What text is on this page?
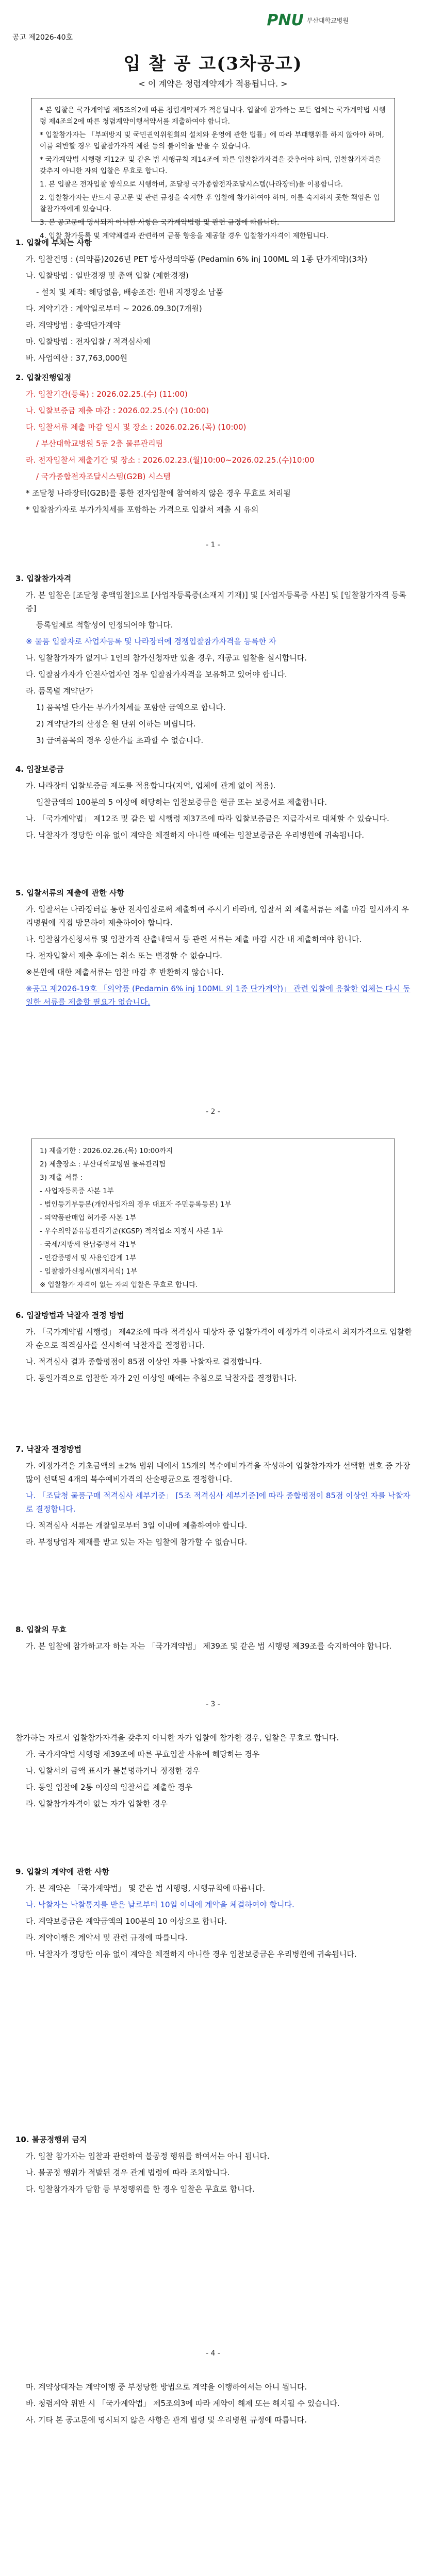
PNU 부산대학교병원
공고 제2026-40호
입 찰 공 고(3차공고)
< 이 계약은 청렴계약제가 적용됩니다. >

* 본 입찰은 국가계약법 제5조의2에 따른 청렴계약제가 적용됩니다. 입찰에 참가하는 모든 업체는 국가계약법 시행령 제4조의2에 따른 청렴계약이행서약서를 제출하여야 합니다.

* 입찰참가자는 「부패방지 및 국민권익위원회의 설치와 운영에 관한 법률」에 따라 부패행위를 하지 않아야 하며, 이를 위반할 경우 입찰참가자격 제한 등의 불이익을 받을 수 있습니다.

* 국가계약법 시행령 제12조 및 같은 법 시행규칙 제14조에 따른 입찰참가자격을 갖추어야 하며, 입찰참가자격을 갖추지 아니한 자의 입찰은 무효로 합니다.

1. 본 입찰은 전자입찰 방식으로 시행하며, 조달청 국가종합전자조달시스템(나라장터)을 이용합니다.

2. 입찰참가자는 반드시 공고문 및 관련 규정을 숙지한 후 입찰에 참가하여야 하며, 이를 숙지하지 못한 책임은 입찰참가자에게 있습니다.

3. 본 공고문에 명시되지 아니한 사항은 국가계약법령 및 관련 규정에 따릅니다.

4. 입찰 참가등록 및 계약체결과 관련하여 금품 향응을 제공할 경우 입찰참가자격이 제한됩니다.

1. 입찰에 부치는 사항

가. 입찰건명 : (의약품)2026년 PET 방사성의약품 (Pedamin 6% inj 100ML 외 1종 단가계약)(3차)

나. 입찰방법 : 일반경쟁 및 총액 입찰 (제한경쟁)

- 설치 및 제작: 해당없음, 배송조건: 원내 지정장소 납품

다. 계약기간 : 계약일로부터 ~ 2026.09.30(7개월)

라. 계약방법 : 총액단가계약

마. 입찰방법 : 전자입찰 / 적격심사제

바. 사업예산 : 37,763,000원

2. 입찰진행일정

가. 입찰기간(등록) : 2026.02.25.(수) (11:00)

나. 입찰보증금 제출 마감 : 2026.02.25.(수) (10:00)

다. 입찰서류 제출 마감 일시 및 장소 : 2026.02.26.(목) (10:00)

/ 부산대학교병원 5동 2층 물류관리팀

라. 전자입찰서 제출기간 및 장소 : 2026.02.23.(월)10:00~2026.02.25.(수)10:00

/ 국가종합전자조달시스템(G2B) 시스템

* 조달청 나라장터(G2B)를 통한 전자입찰에 참여하지 않은 경우 무효로 처리됨

* 입찰참가자로 부가가치세를 포함하는 가격으로 입찰서 제출 시 유의

- 1 -
3. 입찰참가자격

가. 본 입찰은 [조달청 총액입찰]으로 [사업자등록증(소재지 기재)] 및 [사업자등록증 사본] 및 [입찰참가자격 등록증]

등록업체로 적합성이 인정되어야 합니다.

※ 물품 입찰자로 사업자등록 및 나라장터에 경쟁입찰참가자격을 등록한 자

나. 입찰참가자가 없거나 1인의 참가신청자만 있을 경우, 재공고 입찰을 실시합니다.

다. 입찰참가자가 안전사업자인 경우 입찰참가자격을 보유하고 있어야 합니다.

라. 품목별 계약단가

1) 품목별 단가는 부가가치세를 포함한 금액으로 합니다.

2) 계약단가의 산정은 원 단위 이하는 버립니다.

3) 급여품목의 경우 상한가를 초과할 수 없습니다.

4. 입찰보증금

가. 나라장터 입찰보증금 제도를 적용합니다(지역, 업체에 관계 없이 적용).

입찰금액의 100분의 5 이상에 해당하는 입찰보증금을 현금 또는 보증서로 제출합니다.

나. 「국가계약법」 제12조 및 같은 법 시행령 제37조에 따라 입찰보증금은 지급각서로 대체할 수 있습니다.

다. 낙찰자가 정당한 이유 없이 계약을 체결하지 아니한 때에는 입찰보증금은 우리병원에 귀속됩니다.

5. 입찰서류의 제출에 관한 사항

가. 입찰서는 나라장터를 통한 전자입찰로써 제출하여 주시기 바라며, 입찰서 외 제출서류는 제출 마감 일시까지 우리병원에 직접 방문하여 제출하여야 합니다.

나. 입찰참가신청서류 및 입찰가격 산출내역서 등 관련 서류는 제출 마감 시간 내 제출하여야 합니다.

다. 전자입찰서 제출 후에는 취소 또는 변경할 수 없습니다.

※본원에 대한 제출서류는 입찰 마감 후 반환하지 않습니다.

※공고 제2026-19호 「의약품 (Pedamin 6% inj 100ML 외 1종 단가계약)」 관련 입찰에 응찰한 업체는 다시 동일한 서류를 제출할 필요가 없습니다.

- 2 -

1) 제출기한 : 2026.02.26.(목) 10:00까지

2) 제출장소 : 부산대학교병원 물류관리팀

3) 제출 서류 :

- 사업자등록증 사본 1부

- 법인등기부등본(개인사업자의 경우 대표자 주민등록등본) 1부

- 의약품판매업 허가증 사본 1부

- 우수의약품유통관리기준(KGSP) 적격업소 지정서 사본 1부

- 국세/지방세 완납증명서 각1부

- 인감증명서 및 사용인감계 1부

- 입찰참가신청서(별지서식) 1부

※ 입찰참가 자격이 없는 자의 입찰은 무효로 합니다.

6. 입찰방법과 낙찰자 결정 방법

가. 「국가계약법 시행령」 제42조에 따라 적격심사 대상자 중 입찰가격이 예정가격 이하로서 최저가격으로 입찰한 자 순으로 적격심사를 실시하여 낙찰자를 결정합니다.

나. 적격심사 결과 종합평점이 85점 이상인 자를 낙찰자로 결정합니다.

다. 동일가격으로 입찰한 자가 2인 이상일 때에는 추첨으로 낙찰자를 결정합니다.

7. 낙찰자 결정방법

가. 예정가격은 기초금액의 ±2% 범위 내에서 15개의 복수예비가격을 작성하여 입찰참가자가 선택한 번호 중 가장 많이 선택된 4개의 복수예비가격의 산술평균으로 결정합니다.

나. 「조달청 물품구매 적격심사 세부기준」 [5조 적격심사 세부기준]에 따라 종합평점이 85점 이상인 자를 낙찰자로 결정합니다.

다. 적격심사 서류는 개찰일로부터 3일 이내에 제출하여야 합니다.

라. 부정당업자 제재를 받고 있는 자는 입찰에 참가할 수 없습니다.

8. 입찰의 무효

가. 본 입찰에 참가하고자 하는 자는 「국가계약법」 제39조 및 같은 법 시행령 제39조를 숙지하여야 합니다.

- 3 -

참가하는 자로서 입찰참가자격을 갖추지 아니한 자가 입찰에 참가한 경우, 입찰은 무효로 합니다.

가. 국가계약법 시행령 제39조에 따른 무효입찰 사유에 해당하는 경우

나. 입찰서의 금액 표시가 불분명하거나 정정한 경우

다. 동일 입찰에 2통 이상의 입찰서를 제출한 경우

라. 입찰참가자격이 없는 자가 입찰한 경우

9. 입찰의 계약에 관한 사항

가. 본 계약은 「국가계약법」 및 같은 법 시행령, 시행규칙에 따릅니다.

나. 낙찰자는 낙찰통지를 받은 날로부터 10일 이내에 계약을 체결하여야 합니다.

다. 계약보증금은 계약금액의 100분의 10 이상으로 합니다.

라. 계약이행은 계약서 및 관련 규정에 따릅니다.

마. 낙찰자가 정당한 이유 없이 계약을 체결하지 아니한 경우 입찰보증금은 우리병원에 귀속됩니다.

10. 불공정행위 금지

가. 입찰 참가자는 입찰과 관련하여 불공정 행위를 하여서는 아니 됩니다.

나. 불공정 행위가 적발된 경우 관계 법령에 따라 조치합니다.

다. 입찰참가자가 담합 등 부정행위를 한 경우 입찰은 무효로 합니다.

- 4 -

마. 계약상대자는 계약이행 중 부정당한 방법으로 계약을 이행하여서는 아니 됩니다.

바. 청렴계약 위반 시 「국가계약법」 제5조의3에 따라 계약이 해제 또는 해지될 수 있습니다.

사. 기타 본 공고문에 명시되지 않은 사항은 관계 법령 및 우리병원 규정에 따릅니다.
